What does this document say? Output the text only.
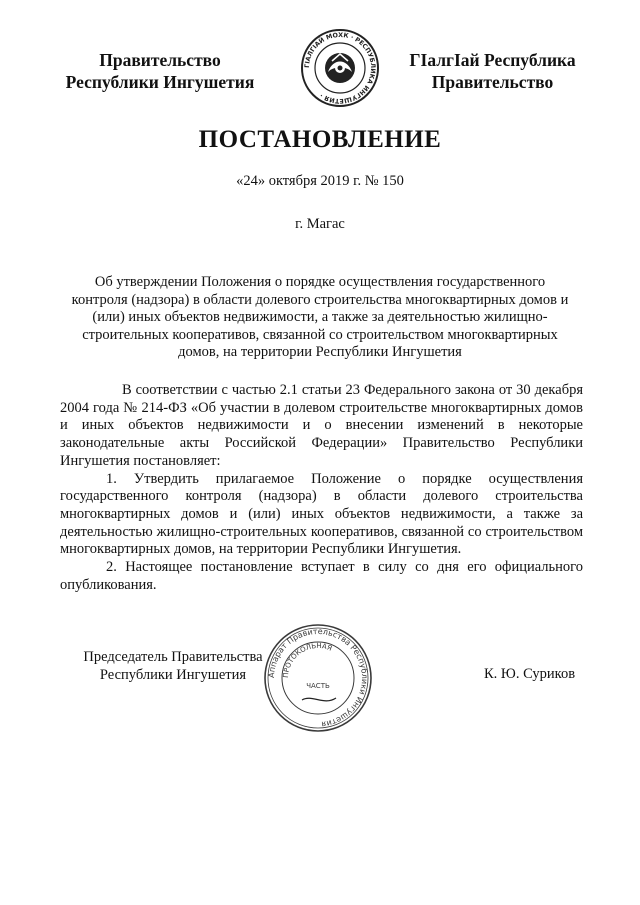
Правительство
Республики Ингушетия
ГIАЛГIАЙ МОХК · РЕСПУБЛИКА ИНГУШЕТИЯ ·
ГIалгIай Республика
Правительство
ПОСТАНОВЛЕНИЕ
«24» октября 2019 г. № 150
г. Магас
Об утверждении Положения о порядке осуществления государственного контроля (надзора) в области долевого строительства многоквартирных домов и (или) иных объектов недвижимости, а также за деятельностью жилищно-строительных кооперативов, связанной со строительством многоквартирных домов, на территории Республики Ингушетия

В соответствии с частью 2.1 статьи 23 Федерального закона от 30 декабря 2004 года № 214-ФЗ «Об участии в долевом строительстве многоквартирных домов и иных объектов недвижимости и о внесении изменений в некоторые законодательные акты Российской Федерации» Правительство Республики Ингушетия постановляет:

1. Утвердить прилагаемое Положение о порядке осуществления государственного контроля (надзора) в области долевого строительства многоквартирных домов и (или) иных объектов недвижимости, а также за деятельностью жилищно-строительных кооперативов, связанной со строительством многоквартирных домов, на территории Республики Ингушетия.

2. Настоящее постановление вступает в силу со дня его официального опубликования.

Председатель Правительства
Республики Ингушетия	Аппарат Правительства Республики Ингушетия
ПРОТОКОЛЬНАЯ
ЧАСТЬ
К. Ю. Суриков
